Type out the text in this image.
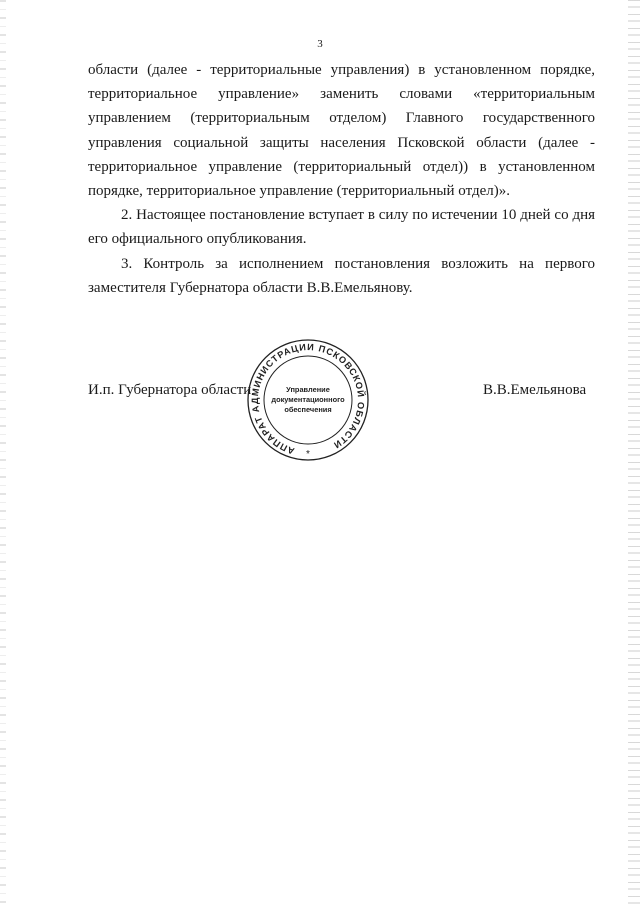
3

области (далее - территориальные управления) в установленном порядке, территориальное управление» заменить словами «территориальным управлением (территориальным отделом) Главного государственного управления социальной защиты населения Псковской области (далее - территориальное управление (территориальный отдел)) в установленном порядке, территориальное управление (территориальный отдел)».

2. Настоящее постановление вступает в силу по истечении 10 дней со дня его официального опубликования.

3. Контроль за исполнением постановления возложить на первого заместителя Губернатора области В.В.Емельянову.

И.п. Губернатора области	В.В.Емельянова
АППАРАТ АДМИНИСТРАЦИИ ПСКОВСКОЙ ОБЛАСТИ
Управление
документационного
обеспечения
*
